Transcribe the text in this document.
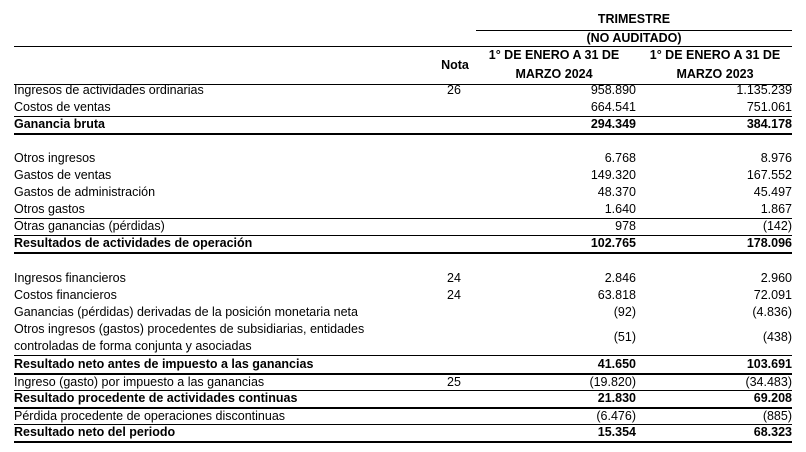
TRIMESTRE
(NO AUDITADO)
Nota
1° DE ENERO A 31 DE
MARZO 2024
1° DE ENERO A 31 DE
MARZO 2023
Ingresos de actividades ordinarias	26	958.890	1.135.239
Costos de ventas	664.541	751.061
Ganancia bruta	294.349	384.178
Otros ingresos	6.768	8.976
Gastos de ventas	149.320	167.552
Gastos de administración	48.370	45.497
Otros gastos	1.640	1.867
Otras ganancias (pérdidas)	978	(142)
Resultados de actividades de operación	102.765	178.096
Ingresos financieros	24	2.846	2.960
Costos financieros	24	63.818	72.091
Ganancias (pérdidas) derivadas de la posición monetaria neta	(92)	(4.836)
Otros ingresos (gastos) procedentes de subsidiarias, entidades controladas de forma conjunta y asociadas
(51)	(438)
Resultado neto antes de impuesto a las ganancias	41.650	103.691
Ingreso (gasto) por impuesto a las ganancias	25	(19.820)	(34.483)
Resultado procedente de actividades continuas	21.830	69.208
Pérdida procedente de operaciones discontinuas	(6.476)	(885)
Resultado neto del periodo	15.354	68.323
